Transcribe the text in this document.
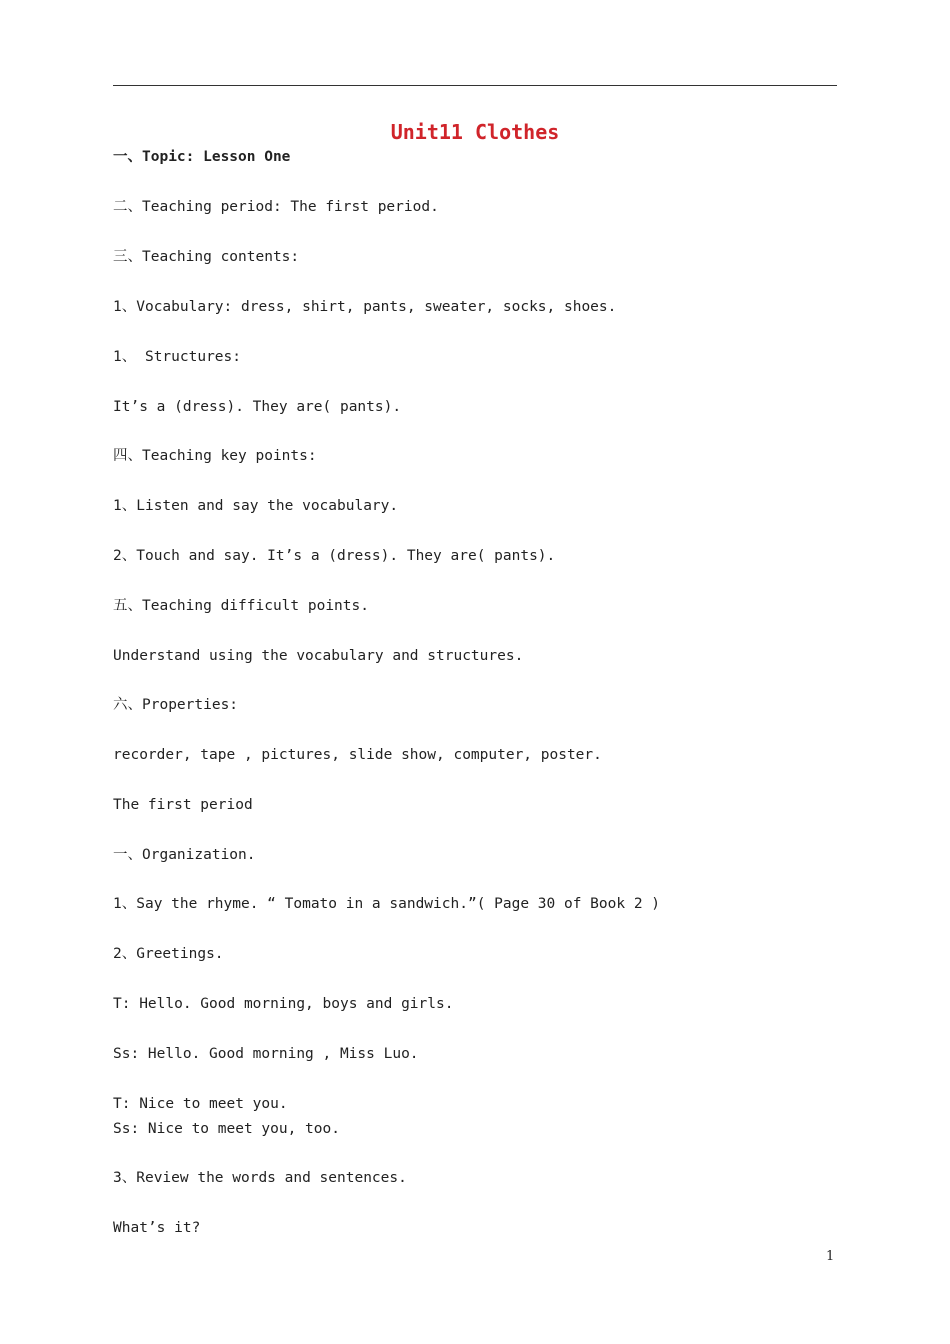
Unit11 Clothes
一、Topic: Lesson One
二、Teaching period: The first period.
三、Teaching contents:
1、Vocabulary: dress, shirt, pants, sweater, socks, shoes.
1、 Structures:
It’s a (dress). They are( pants).
四、Teaching key points:
1、Listen and say the vocabulary.
2、Touch and say. It’s a (dress). They are( pants).
五、Teaching difficult points.
Understand using the vocabulary and structures.
六、Properties:
recorder, tape , pictures, slide show, computer, poster.
The first period
一、Organization.
1、Say the rhyme. “ Tomato in a sandwich.”( Page 30 of Book 2 )
2、Greetings.
T: Hello. Good morning, boys and girls.
Ss: Hello. Good morning , Miss Luo.
T: Nice to meet you.
Ss: Nice to meet you, too.
3、Review the words and sentences.
What’s it?
1
